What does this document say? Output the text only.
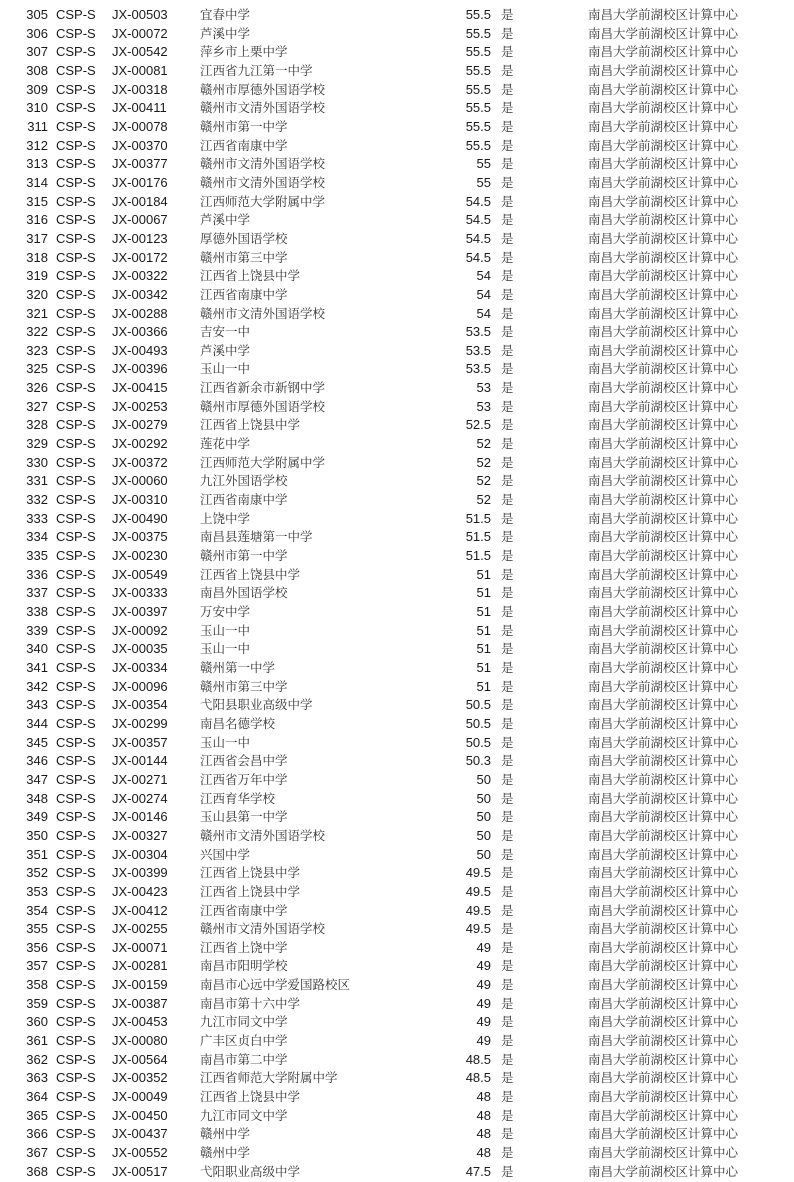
305 CSP-S JX-00503	宜春中学	55.5 是	南昌大学前湖校区计算中心
306 CSP-S JX-00072	芦溪中学	55.5 是	南昌大学前湖校区计算中心
307 CSP-S JX-00542	萍乡市上栗中学	55.5 是	南昌大学前湖校区计算中心
308 CSP-S JX-00081	江西省九江第一中学	55.5 是	南昌大学前湖校区计算中心
309 CSP-S JX-00318	赣州市厚德外国语学校	55.5 是	南昌大学前湖校区计算中心
310 CSP-S JX-00411	赣州市文清外国语学校	55.5 是	南昌大学前湖校区计算中心
311 CSP-S JX-00078	赣州市第一中学	55.5 是	南昌大学前湖校区计算中心
312 CSP-S JX-00370	江西省南康中学	55.5 是	南昌大学前湖校区计算中心
313 CSP-S JX-00377	赣州市文清外国语学校	55 是	南昌大学前湖校区计算中心
314 CSP-S JX-00176	赣州市文清外国语学校	55 是	南昌大学前湖校区计算中心
315 CSP-S JX-00184	江西师范大学附属中学	54.5 是	南昌大学前湖校区计算中心
316 CSP-S JX-00067	芦溪中学	54.5 是	南昌大学前湖校区计算中心
317 CSP-S JX-00123	厚德外国语学校	54.5 是	南昌大学前湖校区计算中心
318 CSP-S JX-00172	赣州市第三中学	54.5 是	南昌大学前湖校区计算中心
319 CSP-S JX-00322	江西省上饶县中学	54 是	南昌大学前湖校区计算中心
320 CSP-S JX-00342	江西省南康中学	54 是	南昌大学前湖校区计算中心
321 CSP-S JX-00288	赣州市文清外国语学校	54 是	南昌大学前湖校区计算中心
322 CSP-S JX-00366	吉安一中	53.5 是	南昌大学前湖校区计算中心
323 CSP-S JX-00493	芦溪中学	53.5 是	南昌大学前湖校区计算中心
325 CSP-S JX-00396	玉山一中	53.5 是	南昌大学前湖校区计算中心
326 CSP-S JX-00415	江西省新余市新钢中学	53 是	南昌大学前湖校区计算中心
327 CSP-S JX-00253	赣州市厚德外国语学校	53 是	南昌大学前湖校区计算中心
328 CSP-S JX-00279	江西省上饶县中学	52.5 是	南昌大学前湖校区计算中心
329 CSP-S JX-00292	莲花中学	52 是	南昌大学前湖校区计算中心
330 CSP-S JX-00372	江西师范大学附属中学	52 是	南昌大学前湖校区计算中心
331 CSP-S JX-00060	九江外国语学校	52 是	南昌大学前湖校区计算中心
332 CSP-S JX-00310	江西省南康中学	52 是	南昌大学前湖校区计算中心
333 CSP-S JX-00490	上饶中学	51.5 是	南昌大学前湖校区计算中心
334 CSP-S JX-00375	南昌县莲塘第一中学	51.5 是	南昌大学前湖校区计算中心
335 CSP-S JX-00230	赣州市第一中学	51.5 是	南昌大学前湖校区计算中心
336 CSP-S JX-00549	江西省上饶县中学	51 是	南昌大学前湖校区计算中心
337 CSP-S JX-00333	南昌外国语学校	51 是	南昌大学前湖校区计算中心
338 CSP-S JX-00397	万安中学	51 是	南昌大学前湖校区计算中心
339 CSP-S JX-00092	玉山一中	51 是	南昌大学前湖校区计算中心
340 CSP-S JX-00035	玉山一中	51 是	南昌大学前湖校区计算中心
341 CSP-S JX-00334	赣州第一中学	51 是	南昌大学前湖校区计算中心
342 CSP-S JX-00096	赣州市第三中学	51 是	南昌大学前湖校区计算中心
343 CSP-S JX-00354	弋阳县职业高级中学	50.5 是	南昌大学前湖校区计算中心
344 CSP-S JX-00299	南昌名德学校	50.5 是	南昌大学前湖校区计算中心
345 CSP-S JX-00357	玉山一中	50.5 是	南昌大学前湖校区计算中心
346 CSP-S JX-00144	江西省会昌中学	50.3 是	南昌大学前湖校区计算中心
347 CSP-S JX-00271	江西省万年中学	50 是	南昌大学前湖校区计算中心
348 CSP-S JX-00274	江西育华学校	50 是	南昌大学前湖校区计算中心
349 CSP-S JX-00146	玉山县第一中学	50 是	南昌大学前湖校区计算中心
350 CSP-S JX-00327	赣州市文清外国语学校	50 是	南昌大学前湖校区计算中心
351 CSP-S JX-00304	兴国中学	50 是	南昌大学前湖校区计算中心
352 CSP-S JX-00399	江西省上饶县中学	49.5 是	南昌大学前湖校区计算中心
353 CSP-S JX-00423	江西省上饶县中学	49.5 是	南昌大学前湖校区计算中心
354 CSP-S JX-00412	江西省南康中学	49.5 是	南昌大学前湖校区计算中心
355 CSP-S JX-00255	赣州市文清外国语学校	49.5 是	南昌大学前湖校区计算中心
356 CSP-S JX-00071	江西省上饶中学	49 是	南昌大学前湖校区计算中心
357 CSP-S JX-00281	南昌市阳明学校	49 是	南昌大学前湖校区计算中心
358 CSP-S JX-00159	南昌市心远中学爱国路校区	49 是	南昌大学前湖校区计算中心
359 CSP-S JX-00387	南昌市第十六中学	49 是	南昌大学前湖校区计算中心
360 CSP-S JX-00453	九江市同文中学	49 是	南昌大学前湖校区计算中心
361 CSP-S JX-00080	广丰区贞白中学	49 是	南昌大学前湖校区计算中心
362 CSP-S JX-00564	南昌市第二中学	48.5 是	南昌大学前湖校区计算中心
363 CSP-S JX-00352	江西省师范大学附属中学	48.5 是	南昌大学前湖校区计算中心
364 CSP-S JX-00049	江西省上饶县中学	48 是	南昌大学前湖校区计算中心
365 CSP-S JX-00450	九江市同文中学	48 是	南昌大学前湖校区计算中心
366 CSP-S JX-00437	赣州中学	48 是	南昌大学前湖校区计算中心
367 CSP-S JX-00552	赣州中学	48 是	南昌大学前湖校区计算中心
368 CSP-S JX-00517	弋阳职业高级中学	47.5 是	南昌大学前湖校区计算中心
